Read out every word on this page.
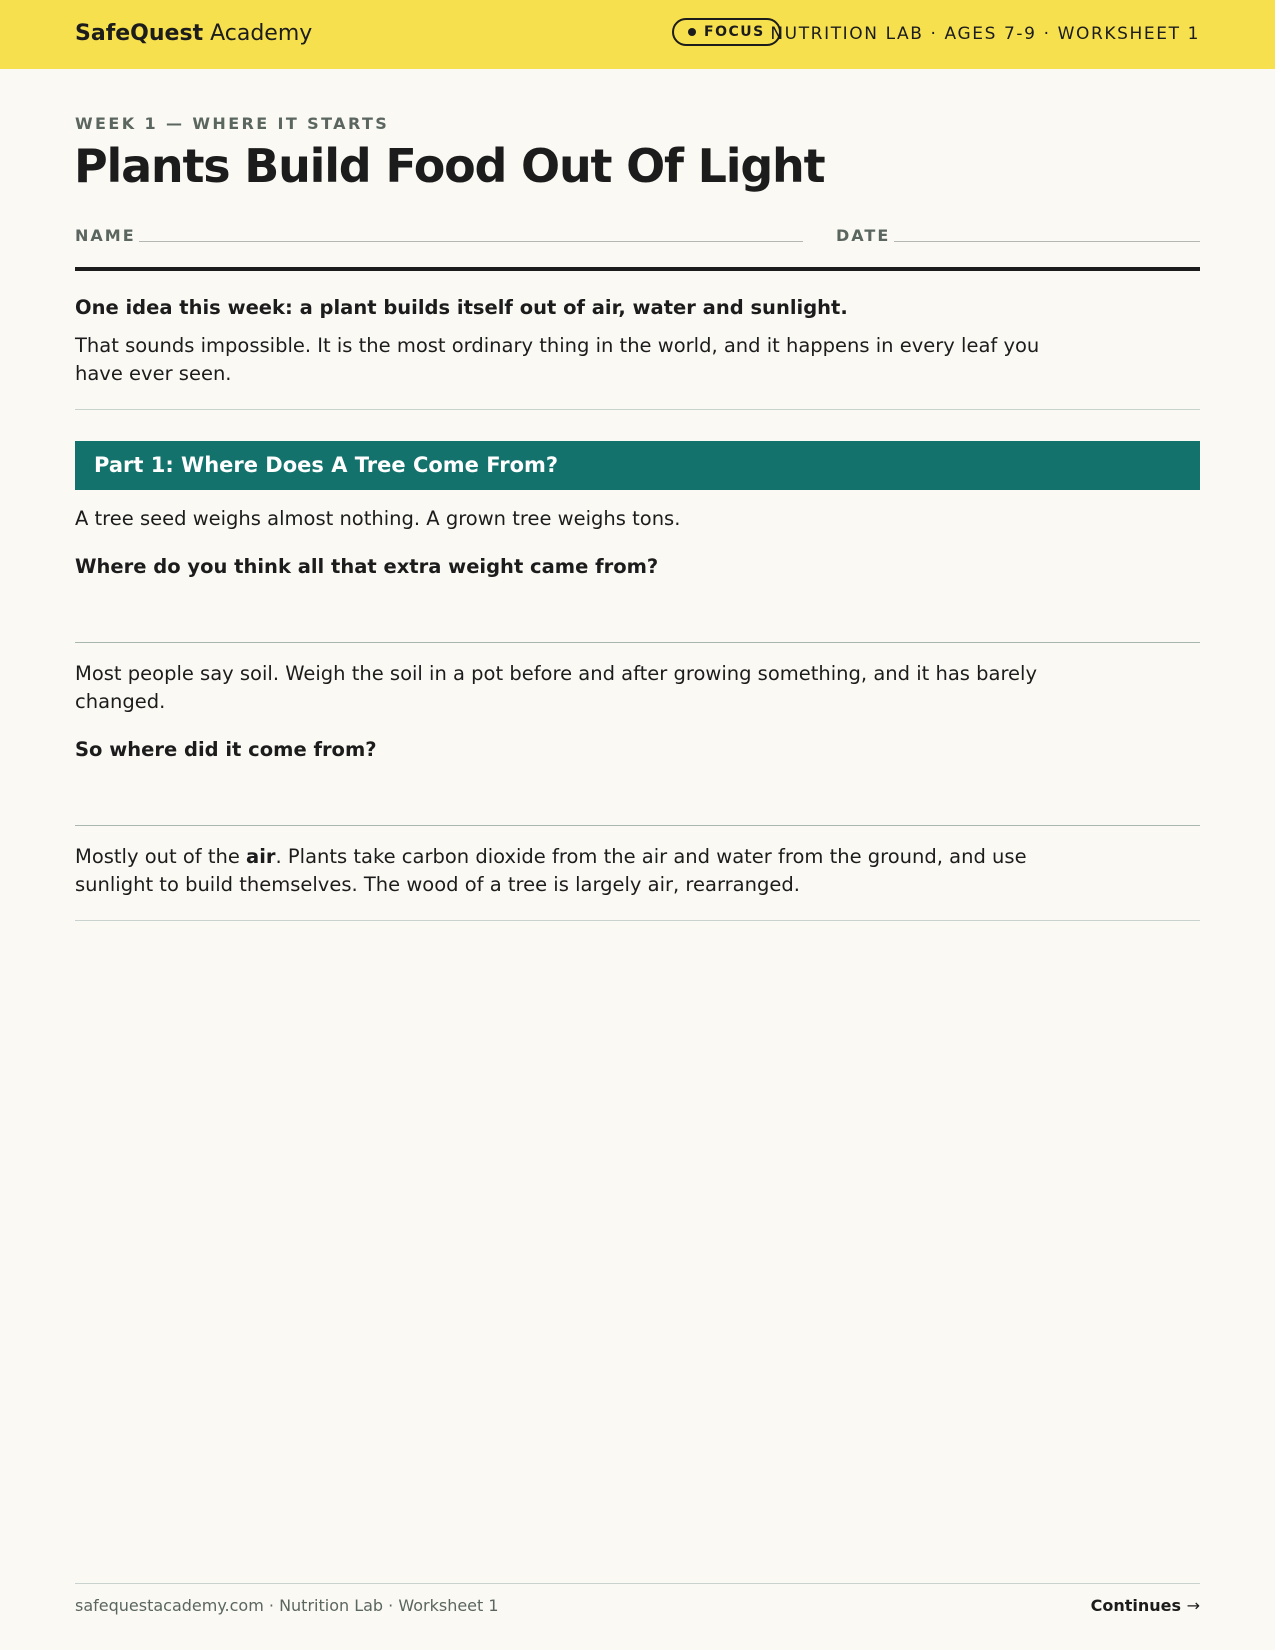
SafeQuest Academy	FOCUS NUTRITION LAB · AGES 7-9 · WORKSHEET 1
WEEK 1 — WHERE IT STARTS
Plants Build Food Out Of Light
NAME	DATE

One idea this week: a plant builds itself out of air, water and sunlight.

That sounds impossible. It is the most ordinary thing in the world, and it happens in every leaf you have ever seen.

Part 1: Where Does A Tree Come From?

A tree seed weighs almost nothing. A grown tree weighs tons.

Where do you think all that extra weight came from?

Most people say soil. Weigh the soil in a pot before and after growing something, and it has barely changed.

So where did it come from?

Mostly out of the air. Plants take carbon dioxide from the air and water from the ground, and use sunlight to build themselves. The wood of a tree is largely air, rearranged.

safequestacademy.com · Nutrition Lab · Worksheet 1	Continues →
